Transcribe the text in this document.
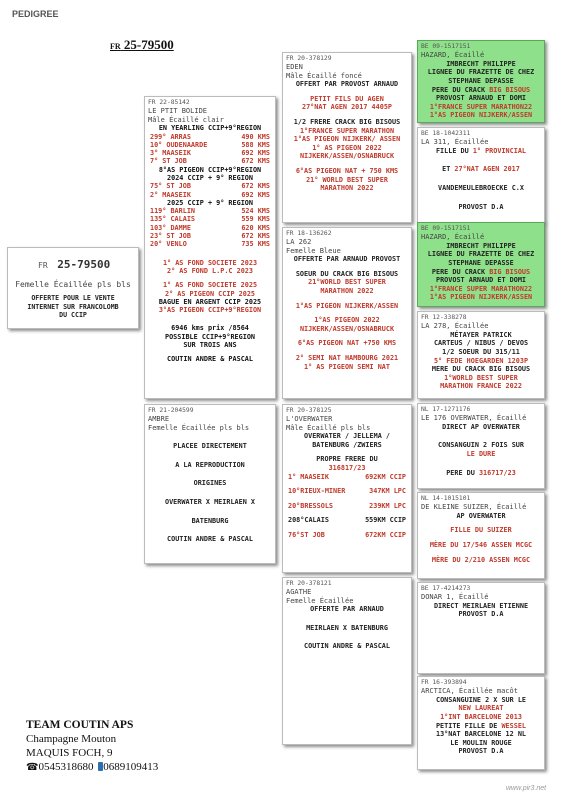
PEDIGREE
FR 25-79500
FR 25-79500
Femelle Écaillée pls bls
OFFERTE POUR LE VENTE
INTERNET SUR FRANCOLOMB
DU CCIP
FR 22-85142
LE PTIT BOLIDE
Mâle Écaillé clair
EN YEARLING CCIP+9°REGION
299° ARRAS	490 KMS
10° OUDENAARDE	588 KMS
3° MAASEIK	692 KMS
7° ST JOB	672 KMS
8°AS PIGEON CCIP+9°REGION
2024 CCIP + 9° REGION
75° ST JOB	672 KMS
2° MAASEIK	692 KMS
2025 CCIP + 9° REGION
119° BARLIN	524 KMS
135° CALAIS	559 KMS
103° DAMME	620 KMS
23° ST JOB	672 KMS
20° VENLO	735 KMS
1° AS FOND SOCIETE 2023
2° AS FOND L.P.C 2023
1° AS FOND SOCIETE 2025
2° AS PIGEON CCIP 2025
BAGUE EN ARGENT CCIP 2025
3°AS PIGEON CCIP+9°REGION
6946 kms prix /8564
POSSIBLE CCIP+9°REGION
SUR TROIS ANS
COUTIN ANDRE & PASCAL
FR 21-204599
AMBRE
Femelle Écaillée pls bls
PLACEE DIRECTEMENT
A LA REPRODUCTION
ORIGINES
OVERWATER X MEIRLAEN X
BATENBURG
COUTIN ANDRE & PASCAL
FR 20-378129
EDEN
Mâle Écaillé foncé
OFFERT PAR PROVOST ARNAUD
PETIT FILS DU AGEN
27°NAT AGEN 2017 4405P
1/2 FRERE CRACK BIG BISOUS
1°FRANCE SUPER MARATHON
1°AS PIGEON NIJKERK/ ASSEN
1° AS PIGEON 2022
NIJKERK/ASSEN/OSNABRUCK
6°AS PIGEON NAT + 750 KMS
21° WORLD BEST SUPER
MARATHON 2022
FR 18-136262
LA 262
Femelle Bleue
OFFERTE PAR ARNAUD PROVOST
SOEUR DU CRACK BIG BISOUS
21°WORLD BEST SUPER
MARATHON 2022
1°AS PIGEON NIJKERK/ASSEN
1°AS PIGEON 2022
NIJKERK/ASSEN/OSNABRUCK
6°AS PIGEON NAT +750 KMS
2° SEMI NAT HAMBOURG 2021
1° AS PIGEON SEMI NAT
FR 20-378125
L'OVERWATER
Mâle Écaillé pls bls
OVERWATER / JELLEMA /
BATENBURG /ZWIERS
PROPRE FRERE DU
316817/23
1° MAASEIK	692KM CCIP
10°RIEUX-MINER	347KM LPC
20°BRESSOLS	239KM LPC
208°CALAIS	559KM CCIP
76°ST JOB	672KM CCIP
FR 20-378121
AGATHE
Femelle Écaillée
OFFERTE PAR ARNAUD
MEIRLAEN X BATENBURG
COUTIN ANDRE & PASCAL
BE 09-1517151
HAZARD, Écaillé
IMBRECHT PHILIPPE
LIGNEE DU FRAZETTE DE CHEZ
STEPHANE DEPASSE
PERE DU CRACK BIG BISOUS
PROVOST ARNAUD ET DOMI
1°FRANCE SUPER MARATHON22
1°AS PIGEON NIJKERK/ASSEN
BE 18-1042311
LA 311, Écaillée
FILLE DU 1° PROVINCIAL
ET 27°NAT AGEN 2017
VANDEMEULEBROECKE C.X
PROVOST D.A
BE 09-1517151
HAZARD, Écaillé
IMBRECHT PHILIPPE
LIGNEE DU FRAZETTE DE CHEZ
STEPHANE DEPASSE
PERE DU CRACK BIG BISOUS
PROVOST ARNAUD ET DOMI
1°FRANCE SUPER MARATHON22
1°AS PIGEON NIJKERK/ASSEN
FR 12-338278
LA 278, Écaillée
MÉTAYER PATRICK
CARTEUS / NIBUS / DEVOS
1/2 SOEUR DU 315/11
5° FEDE HOEGARDEN 1203P
MERE DU CRACK BIG BISOUS
1°WORLD BEST SUPER
MARATHON FRANCE 2022
NL 17-1271176
LE 176 OVERWATER, Écaillé
DIRECT AP OVERWATER
CONSANGUIN 2 FOIS SUR
LE DURE
PERE DU 316717/23
NL 14-1015101
DE KLEINE SUIZER, Écaillé
AP OVERWATER
FILLE DU SUIZER
MÈRE DU 17/546 ASSEN MCGC
MÈRE DU 2/210 ASSEN MCGC
BE 17-4214273
DONAR 1, Écaillé
DIRECT MEIRLAEN ETIENNE
PROVOST D.A
FR 16-393894
ARCTICA, Écaillée macôt
CONSANGUINE 2 X SUR LE
NEW LAUREAT
1°INT BARCELONE 2013
PETITE FILLE DE WESSEL
13°NAT BARCELONE 12 NL
LE MOULIN ROUGE
PROVOST D.A
TEAM COUTIN APS
Champagne Mouton
MAQUIS FOCH, 9
☎0545318680 0689109413
www.pir3.net
